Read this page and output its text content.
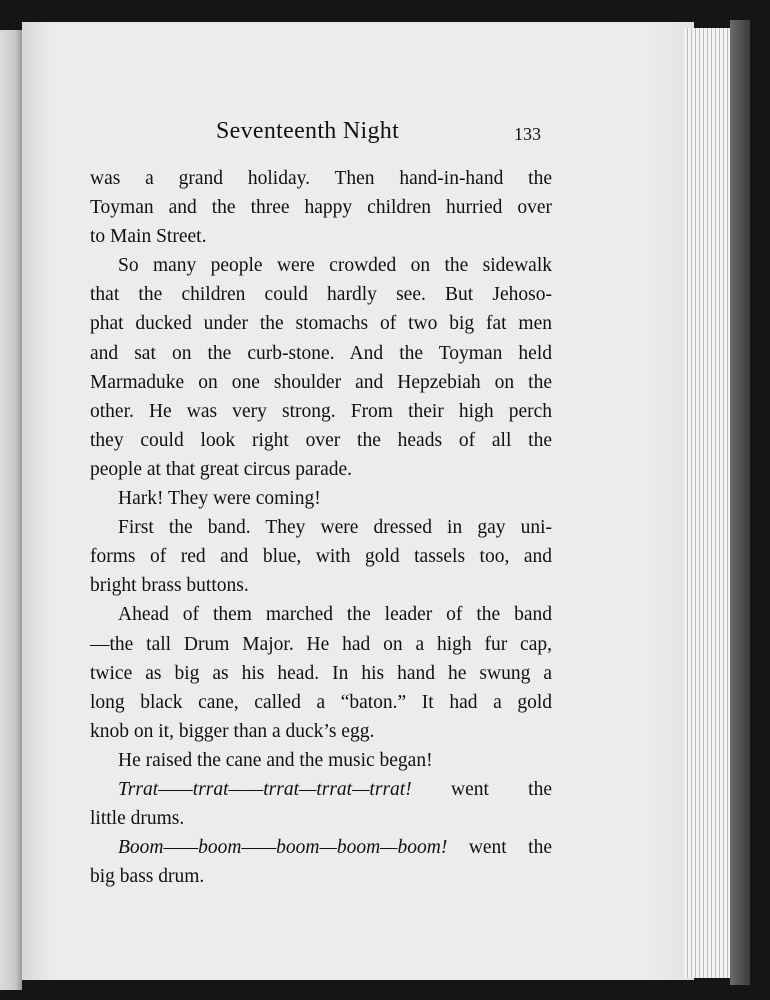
Seventeenth Night	133
was a grand holiday. Then hand-in-hand the
Toyman and the three happy children hurried over
to Main Street.
So many people were crowded on the sidewalk
that the children could hardly see. But Jehoso-
phat ducked under the stomachs of two big fat men
and sat on the curb-stone. And the Toyman held
Marmaduke on one shoulder and Hepzebiah on the
other. He was very strong. From their high perch
they could look right over the heads of all the
people at that great circus parade.
Hark! They were coming!
First the band. They were dressed in gay uni-
forms of red and blue, with gold tassels too, and
bright brass buttons.
Ahead of them marched the leader of the band
—the tall Drum Major. He had on a high fur cap,
twice as big as his head. In his hand he swung a
long black cane, called a “baton.” It had a gold
knob on it, bigger than a duck’s egg.
He raised the cane and the music began!
Trrat——trrat——trrat—trrat—trrat! went the
little drums.
Boom——boom——boom—boom—boom! went the
big bass drum.
